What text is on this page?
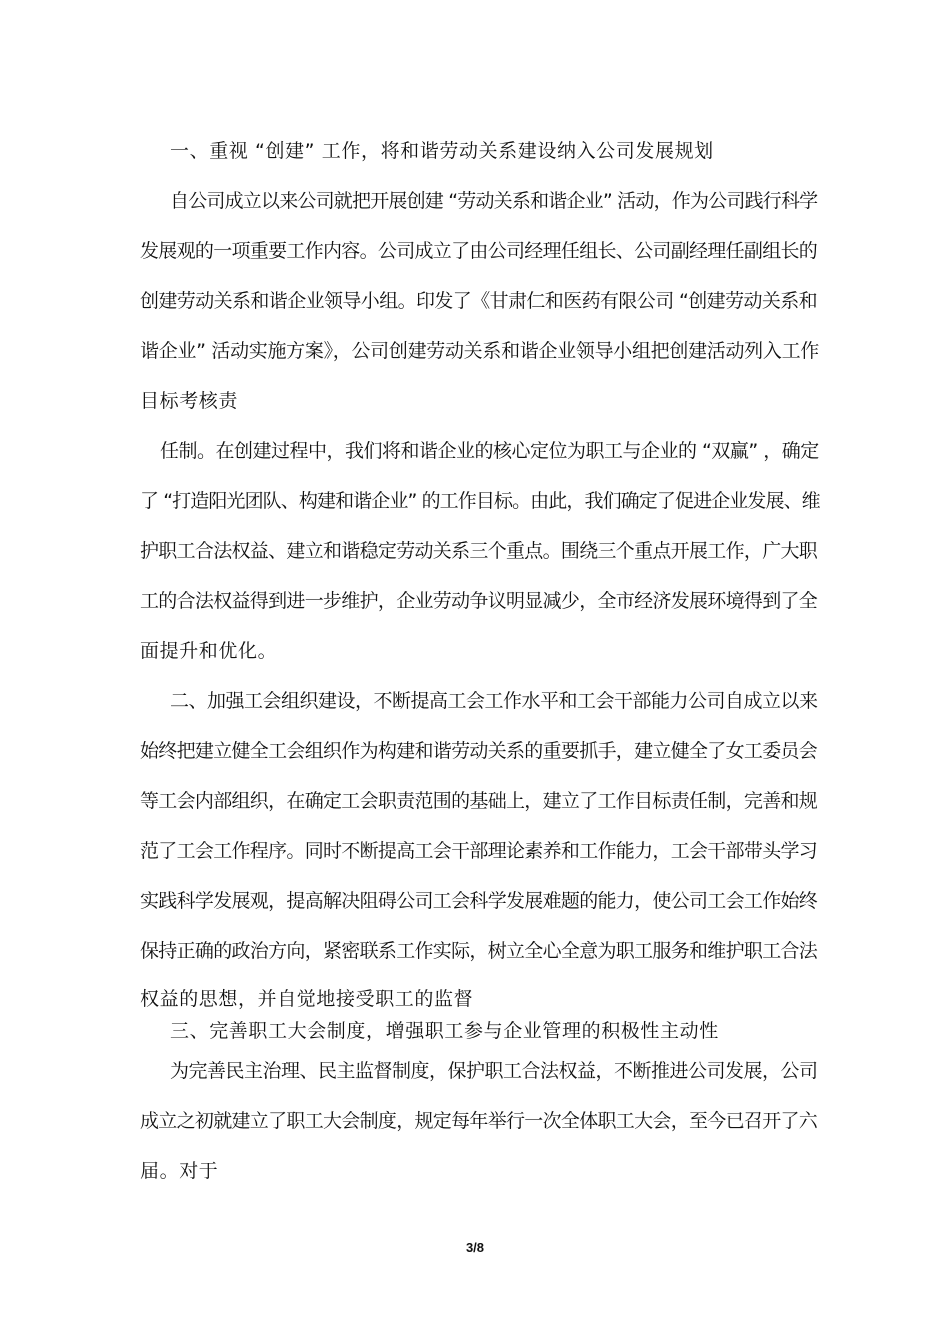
一、重视 “创建” 工作，将和谐劳动关系建设纳入公司发展规划
自公司成立以来公司就把开展创建 “劳动关系和谐企业” 活动，作为公司践行科学
发展观的一项重要工作内容。公司成立了由公司经理任组长、公司副经理任副组长的
创建劳动关系和谐企业领导小组。印发了《甘肃仁和医药有限公司 “创建劳动关系和
谐企业” 活动实施方案》，公司创建劳动关系和谐企业领导小组把创建活动列入工作
目标考核责
任制。在创建过程中，我们将和谐企业的核心定位为职工与企业的 “双赢” ，确定
了 “打造阳光团队、构建和谐企业” 的工作目标。由此，我们确定了促进企业发展、维
护职工合法权益、建立和谐稳定劳动关系三个重点。围绕三个重点开展工作，广大职
工的合法权益得到进一步维护，企业劳动争议明显减少，全市经济发展环境得到了全
面提升和优化。
二、加强工会组织建设，不断提高工会工作水平和工会干部能力公司自成立以来
始终把建立健全工会组织作为构建和谐劳动关系的重要抓手，建立健全了女工委员会
等工会内部组织，在确定工会职责范围的基础上，建立了工作目标责任制，完善和规
范了工会工作程序。同时不断提高工会干部理论素养和工作能力，工会干部带头学习
实践科学发展观，提高解决阻碍公司工会科学发展难题的能力，使公司工会工作始终
保持正确的政治方向，紧密联系工作实际，树立全心全意为职工服务和维护职工合法
权益的思想，并自觉地接受职工的监督
三、完善职工大会制度，增强职工参与企业管理的积极性主动性
为完善民主治理、民主监督制度，保护职工合法权益，不断推进公司发展，公司
成立之初就建立了职工大会制度，规定每年举行一次全体职工大会，至今已召开了六
届。对于
3/8
